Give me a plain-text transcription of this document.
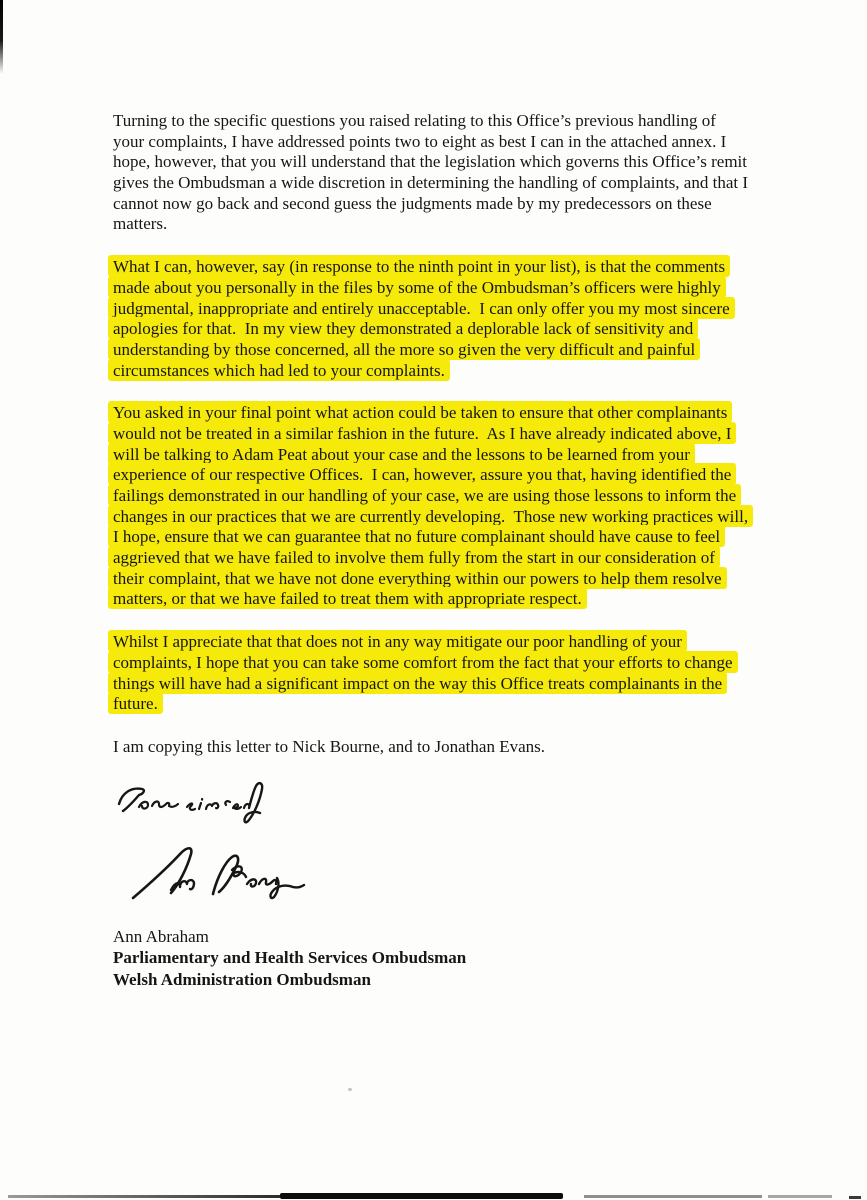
Turning to the specific questions you raised relating to this Office’s previous handling of
your complaints, I have addressed points two to eight as best I can in the attached annex. I
hope, however, that you will understand that the legislation which governs this Office’s remit
gives the Ombudsman a wide discretion in determining the handling of complaints, and that I
cannot now go back and second guess the judgments made by my predecessors on these
matters.
What I can, however, say (in response to the ninth point in your list), is that the comments
made about you personally in the files by some of the Ombudsman’s officers were highly
judgmental, inappropriate and entirely unacceptable.  I can only offer you my most sincere
apologies for that.  In my view they demonstrated a deplorable lack of sensitivity and
understanding by those concerned, all the more so given the very difficult and painful
circumstances which had led to your complaints.
You asked in your final point what action could be taken to ensure that other complainants
would not be treated in a similar fashion in the future.  As I have already indicated above, I
will be talking to Adam Peat about your case and the lessons to be learned from your
experience of our respective Offices.  I can, however, assure you that, having identified the
failings demonstrated in our handling of your case, we are using those lessons to inform the
changes in our practices that we are currently developing.  Those new working practices will,
I hope, ensure that we can guarantee that no future complainant should have cause to feel
aggrieved that we have failed to involve them fully from the start in our consideration of
their complaint, that we have not done everything within our powers to help them resolve
matters, or that we have failed to treat them with appropriate respect.
Whilst I appreciate that that does not in any way mitigate our poor handling of your
complaints, I hope that you can take some comfort from the fact that your efforts to change
things will have had a significant impact on the way this Office treats complainants in the
future.
I am copying this letter to Nick Bourne, and to Jonathan Evans.
Ann Abraham
Parliamentary and Health Services Ombudsman
Welsh Administration Ombudsman
